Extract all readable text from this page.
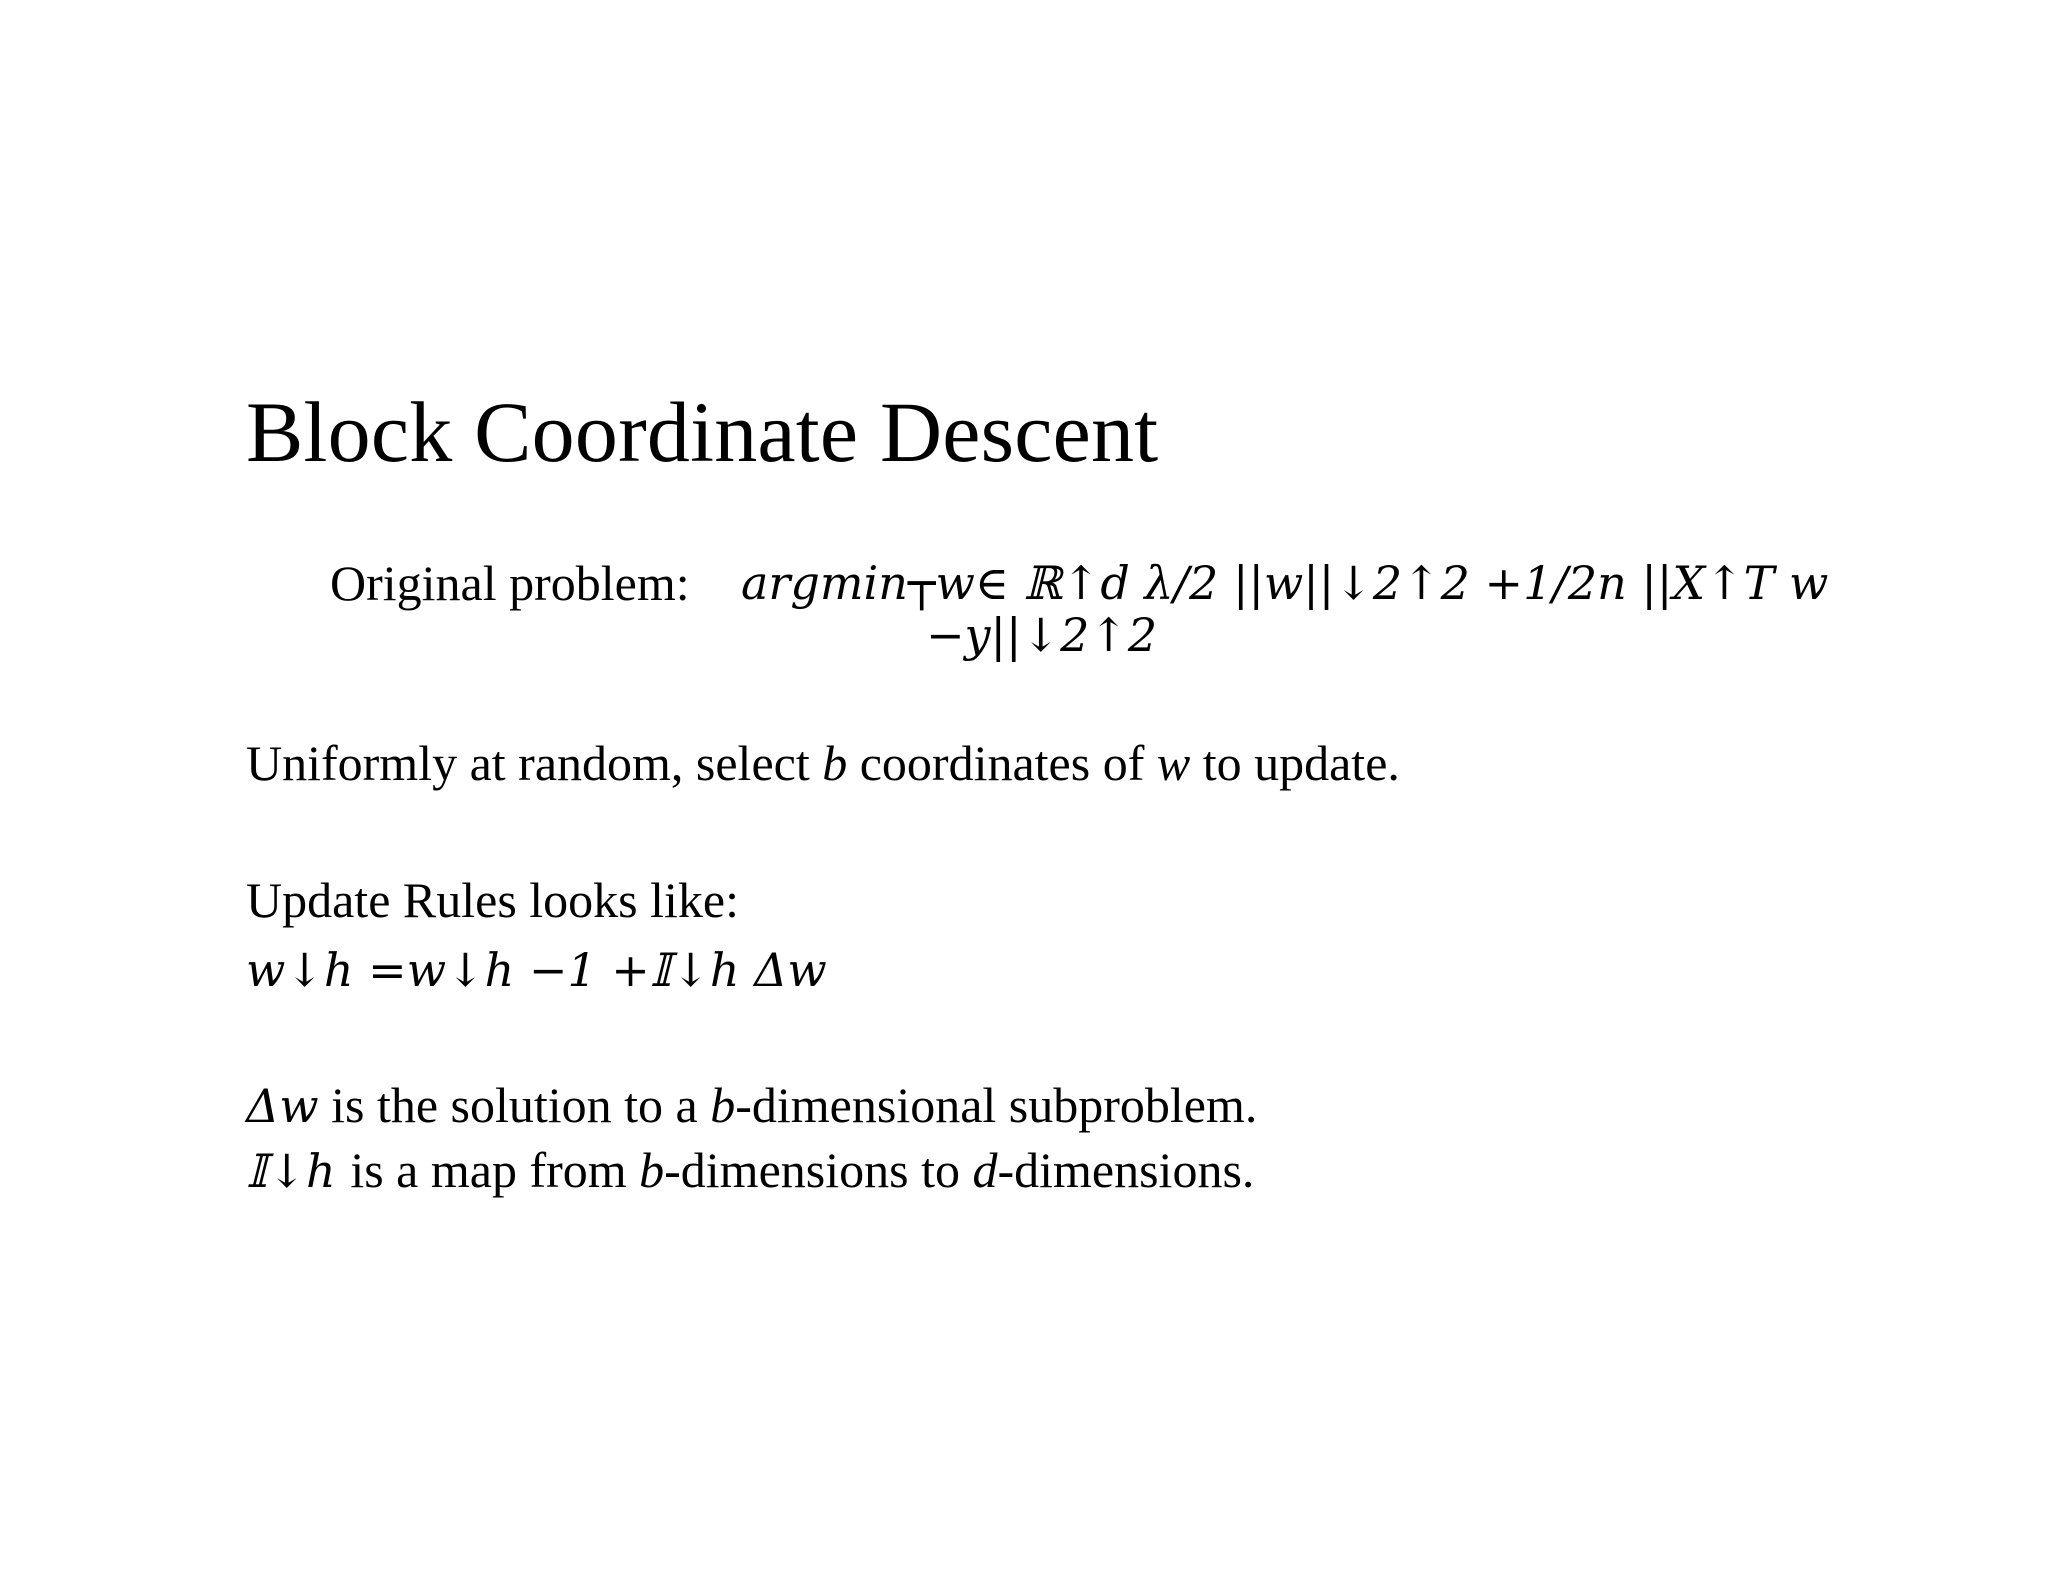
Block Coordinate Descent
Original problem: argmin┬w∈ ℝ↑d λ/2 ||w||↓2↑2 +1/2n ||X↑T w
−y||↓2↑2
Uniformly at random, select b coordinates of w to update.
Update Rules looks like:
w↓h =w↓h −1 +𝕀↓h Δw
Δw is the solution to a b-dimensional subproblem.
𝕀↓h is a map from b-dimensions to d-dimensions.
